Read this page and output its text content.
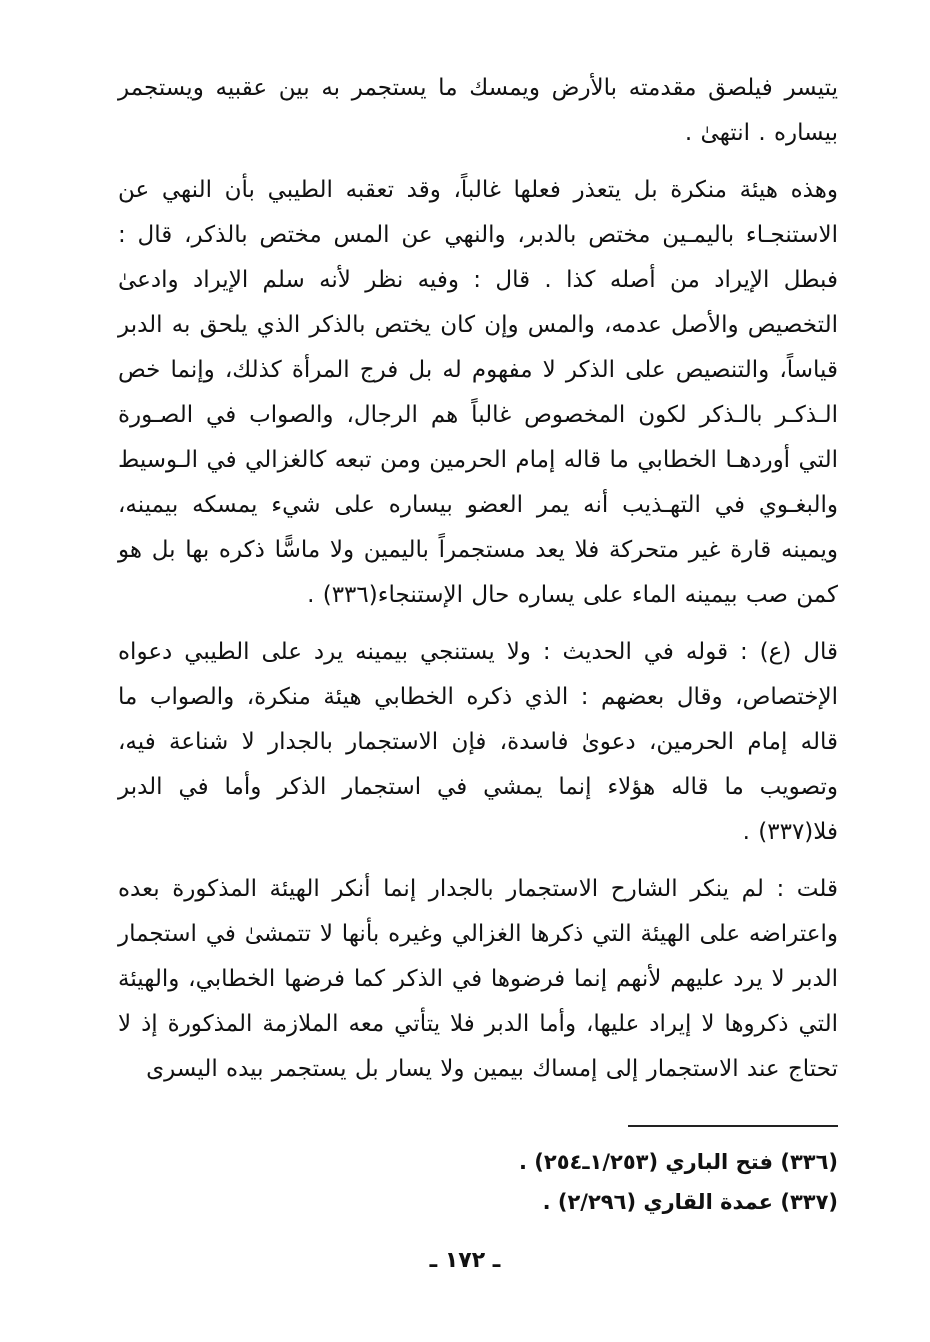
يتيسر فيلصق مقدمته بالأرض ويمسك ما يستجمر به بين عقبيه ويستجمر بيساره . انتهىٰ .

وهذه هيئة منكرة بل يتعذر فعلها غالباً، وقد تعقبه الطيبي بأن النهي عن الاستنجـاء باليمـين مختص بالدبر، والنهي عن المس مختص بالذكر، قال : فبطل الإيراد من أصله كذا . قال : وفيه نظر لأنه سلم الإيراد وادعىٰ التخصيص والأصل عدمه، والمس وإن كان يختص بالذكر الذي يلحق به الدبر قياساً، والتنصيص على الذكر لا مفهوم له بل فرج المرأة كذلك، وإنما خص الـذكـر بالـذكر لكون المخصوص غالباً هم الرجال، والصواب في الصـورة التي أوردهـا الخطابي ما قاله إمام الحرمين ومن تبعه كالغزالي في الـوسيط والبغـوي في التهـذيب أنه يمر العضو بيساره على شيء يمسكه بيمينه، ويمينه قارة غير متحركة فلا يعد مستجمراً باليمين ولا ماسًّا ذكره بها بل هو كمن صب بيمينه الماء على يساره حال الإستنجاء(٣٣٦) .

قال (ع) : قوله في الحديث : ولا يستنجي بيمينه يرد على الطيبي دعواه الإختصاص، وقال بعضهم : الذي ذكره الخطابي هيئة منكرة، والصواب ما قاله إمام الحرمين، دعوىٰ فاسدة، فإن الاستجمار بالجدار لا شناعة فيه، وتصويب ما قاله هؤلاء إنما يمشي في استجمار الذكر وأما في الدبر فلا(٣٣٧) .

قلت : لم ينكر الشارح الاستجمار بالجدار إنما أنكر الهيئة المذكورة بعده واعتراضه على الهيئة التي ذكرها الغزالي وغيره بأنها لا تتمشىٰ في استجمار الدبر لا يرد عليهم لأنهم إنما فرضوها في الذكر كما فرضها الخطابي، والهيئة التي ذكروها لا إيراد عليها، وأما الدبر فلا يتأتي معه الملازمة المذكورة إذ لا تحتاج عند الاستجمار إلى إمساك بيمين ولا يسار بل يستجمر بيده اليسرى

(٣٣٦) فتح الباري (١/٢٥٣ـ٢٥٤) .
(٣٣٧) عمدة القاري (٢/٢٩٦) .
ـ ١٧٢ ـ
